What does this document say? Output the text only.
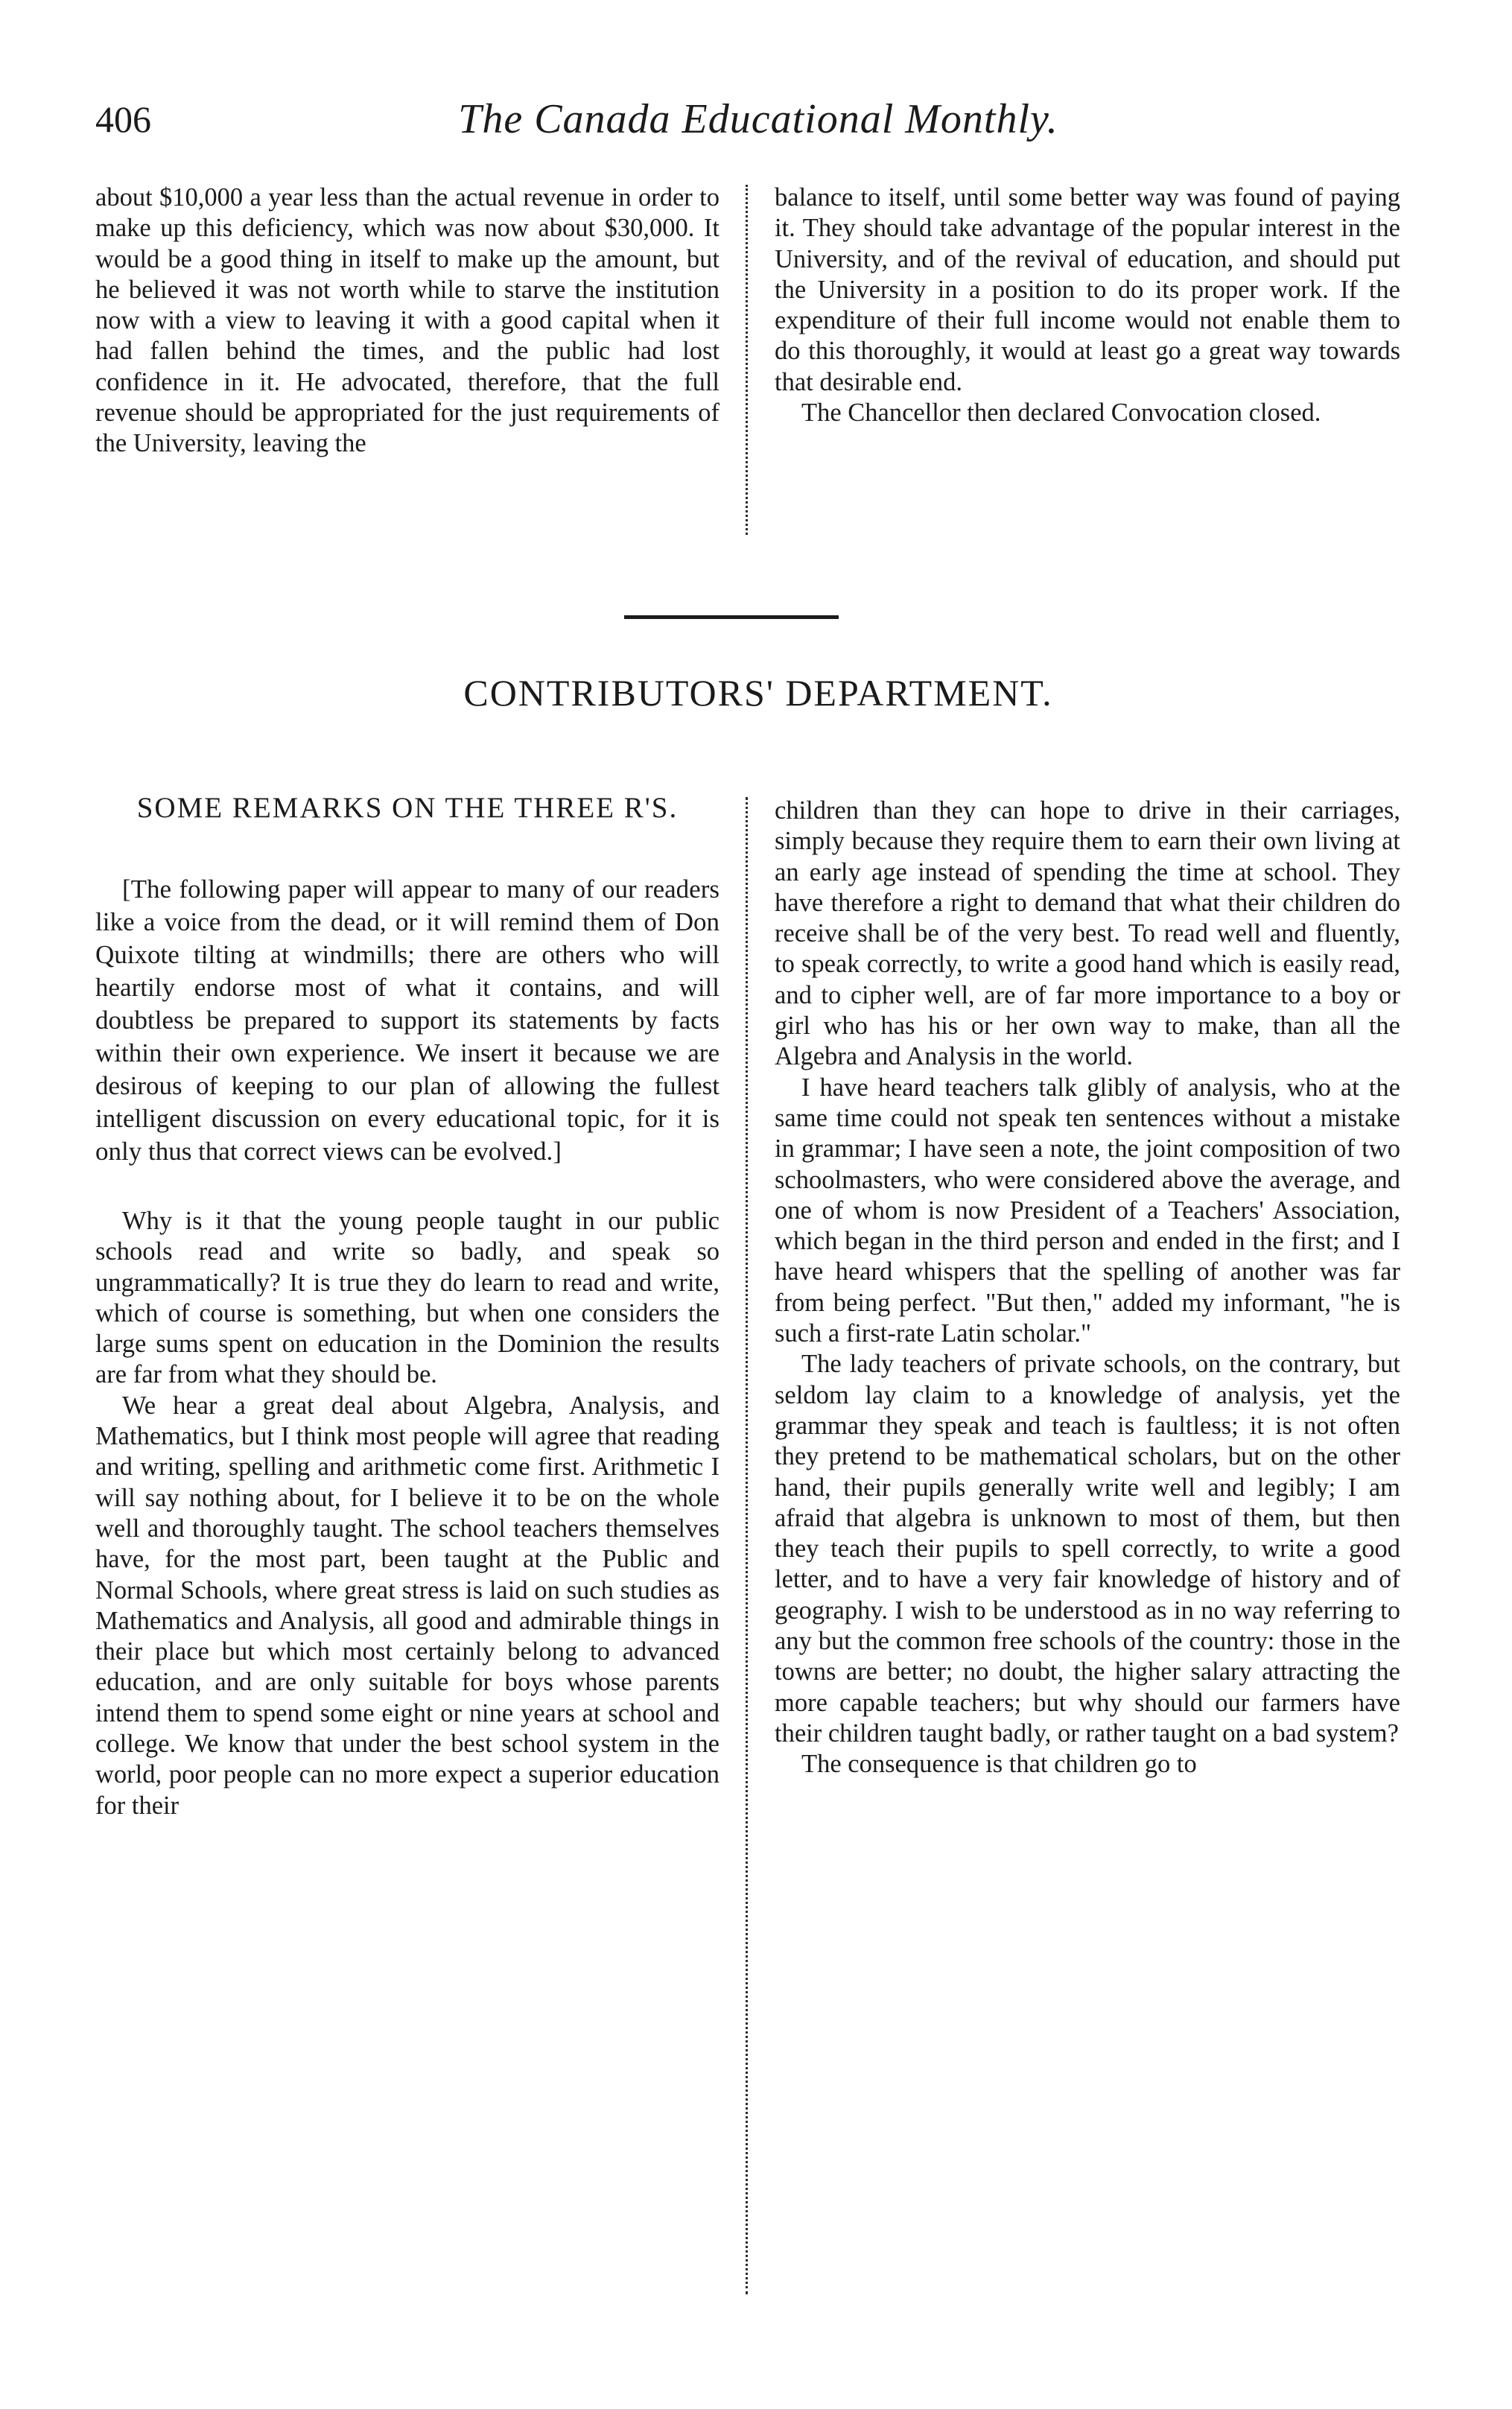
406	The Canada Educational Monthly.

about $10,000 a year less than the actual revenue in order to make up this deficiency, which was now about $30,000. It would be a good thing in itself to make up the amount, but he believed it was not worth while to starve the institution now with a view to leaving it with a good capital when it had fallen behind the times, and the public had lost confidence in it. He advocated, therefore, that the full revenue should be appropriated for the just requirements of the University, leaving the

balance to itself, until some better way was found of paying it. They should take advantage of the popular interest in the University, and of the revival of education, and should put the University in a position to do its proper work. If the expenditure of their full income would not enable them to do this thoroughly, it would at least go a great way towards that desirable end.

The Chancellor then declared Convocation closed.

CONTRIBUTORS' DEPARTMENT.
SOME REMARKS ON THE THREE R'S.

[The following paper will appear to many of our readers like a voice from the dead, or it will remind them of Don Quixote tilting at windmills; there are others who will heartily endorse most of what it contains, and will doubtless be prepared to support its statements by facts within their own experience. We insert it because we are desirous of keeping to our plan of allowing the fullest intelligent discussion on every educational topic, for it is only thus that correct views can be evolved.]

Why is it that the young people taught in our public schools read and write so badly, and speak so ungrammatically? It is true they do learn to read and write, which of course is something, but when one considers the large sums spent on education in the Dominion the results are far from what they should be.

We hear a great deal about Algebra, Analysis, and Mathematics, but I think most people will agree that reading and writing, spelling and arithmetic come first. Arithmetic I will say nothing about, for I believe it to be on the whole well and thoroughly taught. The school teachers themselves have, for the most part, been taught at the Public and Normal Schools, where great stress is laid on such studies as Mathematics and Analysis, all good and admirable things in their place but which most certainly belong to advanced education, and are only suitable for boys whose parents intend them to spend some eight or nine years at school and college. We know that under the best school system in the world, poor people can no more expect a superior education for their

children than they can hope to drive in their carriages, simply because they require them to earn their own living at an early age instead of spending the time at school. They have therefore a right to demand that what their children do receive shall be of the very best. To read well and fluently, to speak correctly, to write a good hand which is easily read, and to cipher well, are of far more importance to a boy or girl who has his or her own way to make, than all the Algebra and Analysis in the world.

I have heard teachers talk glibly of analysis, who at the same time could not speak ten sentences without a mistake in grammar; I have seen a note, the joint composition of two schoolmasters, who were considered above the average, and one of whom is now President of a Teachers' Association, which began in the third person and ended in the first; and I have heard whispers that the spelling of another was far from being perfect. "But then," added my informant, "he is such a first-rate Latin scholar."

The lady teachers of private schools, on the contrary, but seldom lay claim to a knowledge of analysis, yet the grammar they speak and teach is faultless; it is not often they pretend to be mathematical scholars, but on the other hand, their pupils generally write well and legibly; I am afraid that algebra is unknown to most of them, but then they teach their pupils to spell correctly, to write a good letter, and to have a very fair knowledge of history and of geography. I wish to be understood as in no way referring to any but the common free schools of the country: those in the towns are better; no doubt, the higher salary attracting the more capable teachers; but why should our farmers have their children taught badly, or rather taught on a bad system?

The consequence is that children go to
